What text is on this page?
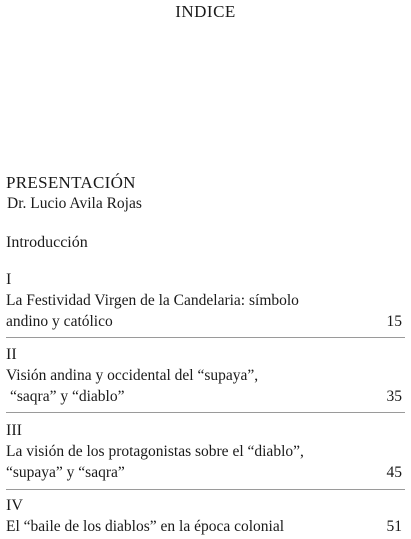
INDICE
PRESENTACIÓN
Dr. Lucio Avila Rojas
Introducción
I
La Festividad Virgen de la Candelaria: símbolo
andino y católico	15
II
Visión andina y occidental del “supaya”,
“saqra” y “diablo”	35
III
La visión de los protagonistas sobre el “diablo”,
“supaya” y “saqra”	45
IV
El “baile de los diablos” en la época colonial	51
